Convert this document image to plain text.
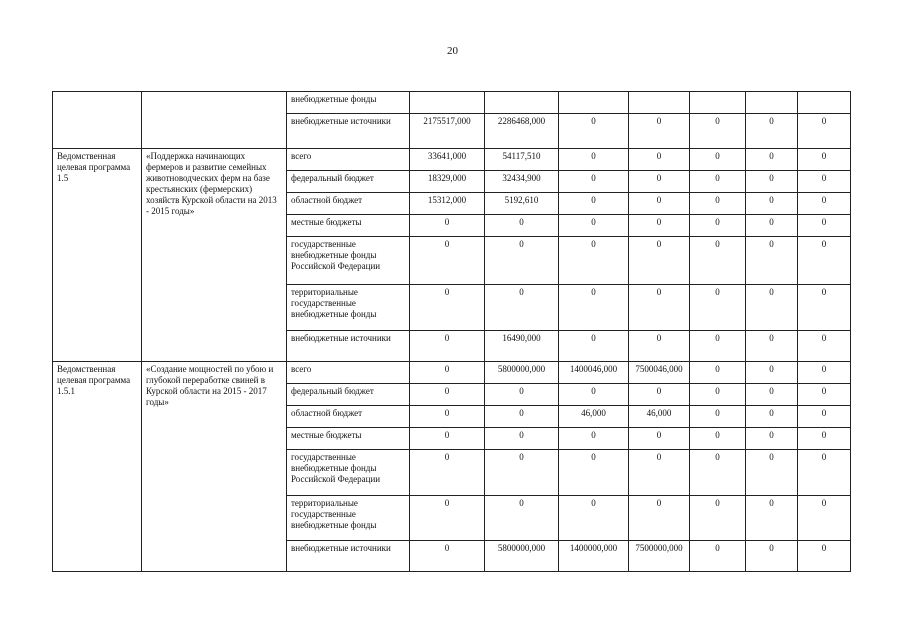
20
		внебюджетные фонды							
		внебюджетные источники	2175517,000	2286468,000	0	0	0	0	0
Ведомственная целевая программа 1.5	«Поддержка начинающих фермеров и развитие семейных животноводческих ферм на базе крестьянских (фермерских) хозяйств Курской области на 2013 - 2015 годы»	всего	33641,000	54117,510	0	0	0	0	0
		федеральный бюджет	18329,000	32434,900	0	0	0	0	0
		областной бюджет	15312,000	5192,610	0	0	0	0	0
		местные бюджеты	0	0	0	0	0	0	0
		государственные внебюджетные фонды Российской Федерации	0	0	0	0	0	0	0
		территориальные государственные внебюджетные фонды	0	0	0	0	0	0	0
		внебюджетные источники	0	16490,000	0	0	0	0	0
Ведомственная целевая программа 1.5.1	«Создание мощностей по убою и глубокой переработке свиней в Курской области на 2015 - 2017 годы»	всего	0	5800000,000	1400046,000	7500046,000	0	0	0
		федеральный бюджет	0	0	0	0	0	0	0
		областной бюджет	0	0	46,000	46,000	0	0	0
		местные бюджеты	0	0	0	0	0	0	0
		государственные внебюджетные фонды Российской Федерации	0	0	0	0	0	0	0
		территориальные государственные внебюджетные фонды	0	0	0	0	0	0	0
		внебюджетные источники	0	5800000,000	1400000,000	7500000,000	0	0	0
